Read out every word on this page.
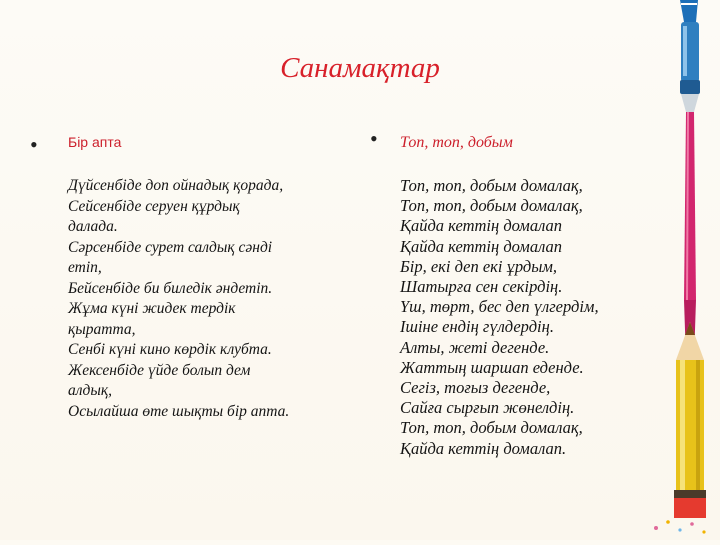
Санамақтар
• Бір апта
Дүйсенбіде доп ойнадық қорада,
Сейсенбіде серуен құрдық
далада.
Сәрсенбіде сурет салдық сәнді
етіп,
Бейсенбіде би биледік әндетіп.
Жұма күні жидек тердік
қыратта,
Сенбі күні кино көрдік клубта.
Жексенбіде үйде болып дем
алдық,
Осылайша өте шықты бір апта.
• Топ, топ, добым
Топ, топ, добым домалақ,
Топ, топ, добым домалақ,
Қайда кеттің домалап
Қайда кеттің домалап
Бір, екі деп екі ұрдым,
Шатырға сен секірдің.
Үш, төрт, бес деп үлгердім,
Ішіне ендің гүлдердің.
Алты, жеті дегенде.
Жаттың шаршап еденде.
Сегіз, тоғыз дегенде,
Сайға сырғып жөнелдің.
Топ, топ, добым домалақ,
Қайда кеттің домалап.
